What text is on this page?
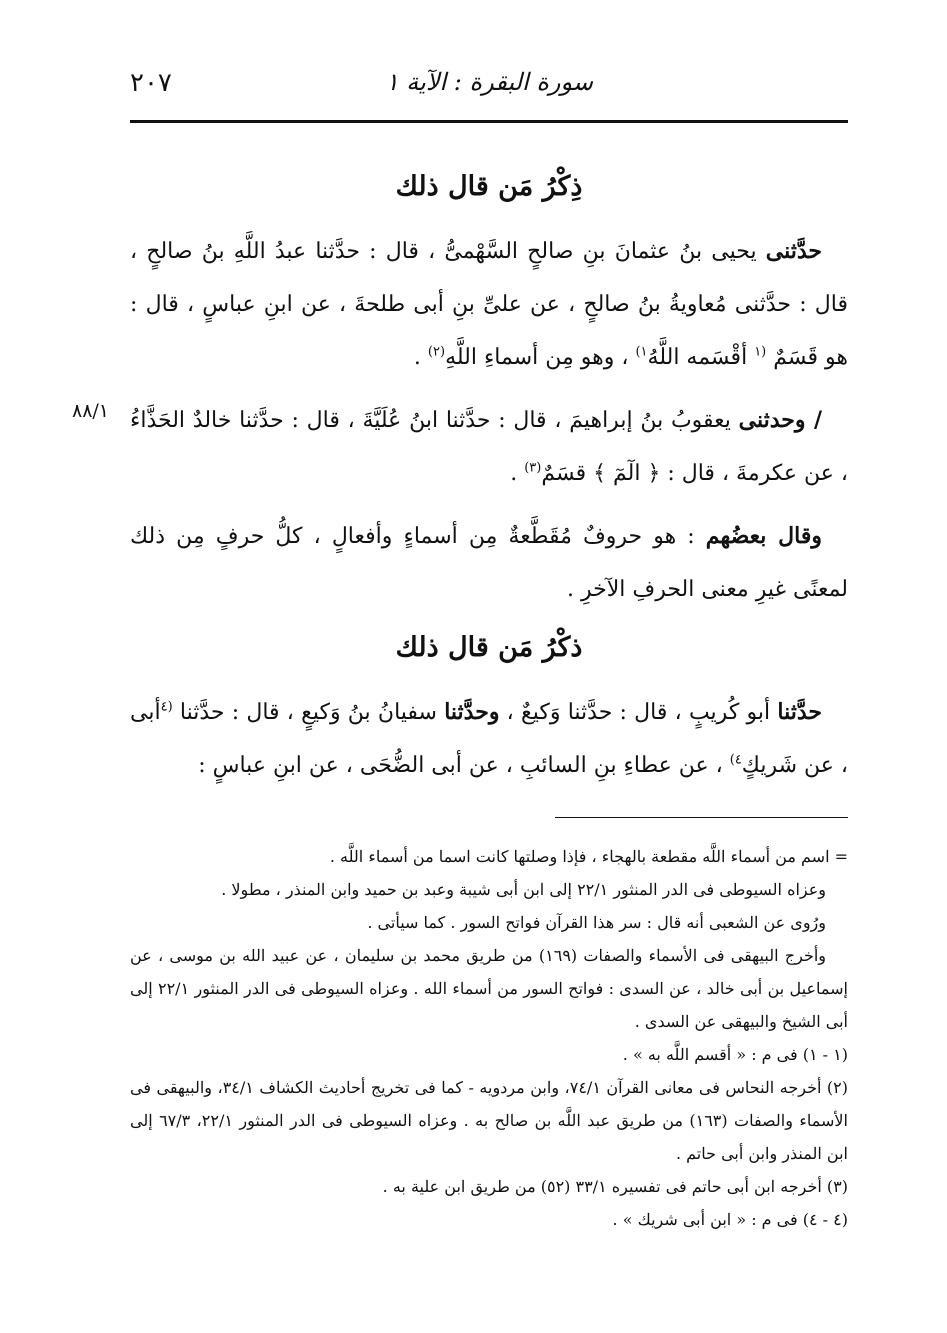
٢٠٧	سورة البقرة : الآية ١
٨٨/١
ذِكْرُ مَن قال ذلك

حدَّثنى يحيى بنُ عثمانَ بنِ صالحٍ السَّهْمىُّ ، قال : حدَّثنا عبدُ اللَّهِ بنُ صالحٍ ، قال : حدَّثنى مُعاويةُ بنُ صالحٍ ، عن علىِّ بنِ أبى طلحةَ ، عن ابنِ عباسٍ ، قال : هو قَسَمٌ $^{(١}$ أقْسَمه اللَّهُ$^{١)}$ ، وهو مِن أسماءِ اللَّهِ$^{(٢)}$ .

/ وحدثنى يعقوبُ بنُ إبراهيمَ ، قال : حدَّثنا ابنُ عُلَيَّةَ ، قال : حدَّثنا خالدٌ الحَذَّاءُ ، عن عكرمةَ ، قال : ﴿ الٓمٓ ﴾ قسَمٌ$^{(٣)}$ .

وقال بعضُهم : هو حروفٌ مُقَطَّعةٌ مِن أسماءٍ وأفعالٍ ، كلُّ حرفٍ مِن ذلك لمعنًى غيرِ معنى الحرفِ الآخرِ .

ذكْرُ مَن قال ذلك

حدَّثنا أبو كُريبٍ ، قال : حدَّثنا وَكيعٌ ، وحدَّثنا سفيانُ بنُ وَكيعٍ ، قال : حدَّثنا $^{(٤}$أبى ، عن شَريكٍ$^{٤)}$ ، عن عطاءِ بنِ السائبِ ، عن أبى الضُّحَى ، عن ابنِ عباسٍ :

= اسم من أسماء اللَّه مقطعة بالهجاء ، فإذا وصلتها كانت اسما من أسماء اللَّه .

وعزاه السيوطى فى الدر المنثور ٢٢/١ إلى ابن أبى شيبة وعبد بن حميد وابن المنذر ، مطولا .

ورُوى عن الشعبى أنه قال : سر هذا القرآن فواتح السور . كما سيأتى .

وأخرج البيهقى فى الأسماء والصفات (١٦٩) من طريق محمد بن سليمان ، عن عبيد الله بن موسى ، عن إسماعيل بن أبى خالد ، عن السدى : فواتح السور من أسماء الله . وعزاه السيوطى فى الدر المنثور ٢٢/١ إلى أبى الشيخ والبيهقى عن السدى .

(١ - ١) فى م : « أقسم اللَّه به » .

(٢) أخرجه النحاس فى معانى القرآن ٧٤/١، وابن مردويه - كما فى تخريج أحاديث الكشاف ٣٤/١، والبيهقى فى الأسماء والصفات (١٦٣) من طريق عبد اللَّه بن صالح به . وعزاه السيوطى فى الدر المنثور ٢٢/١، ٦٧/٣ إلى ابن المنذر وابن أبى حاتم .

(٣) أخرجه ابن أبى حاتم فى تفسيره ٣٣/١ (٥٢) من طريق ابن علية به .

(٤ - ٤) فى م : « ابن أبى شريك » .
